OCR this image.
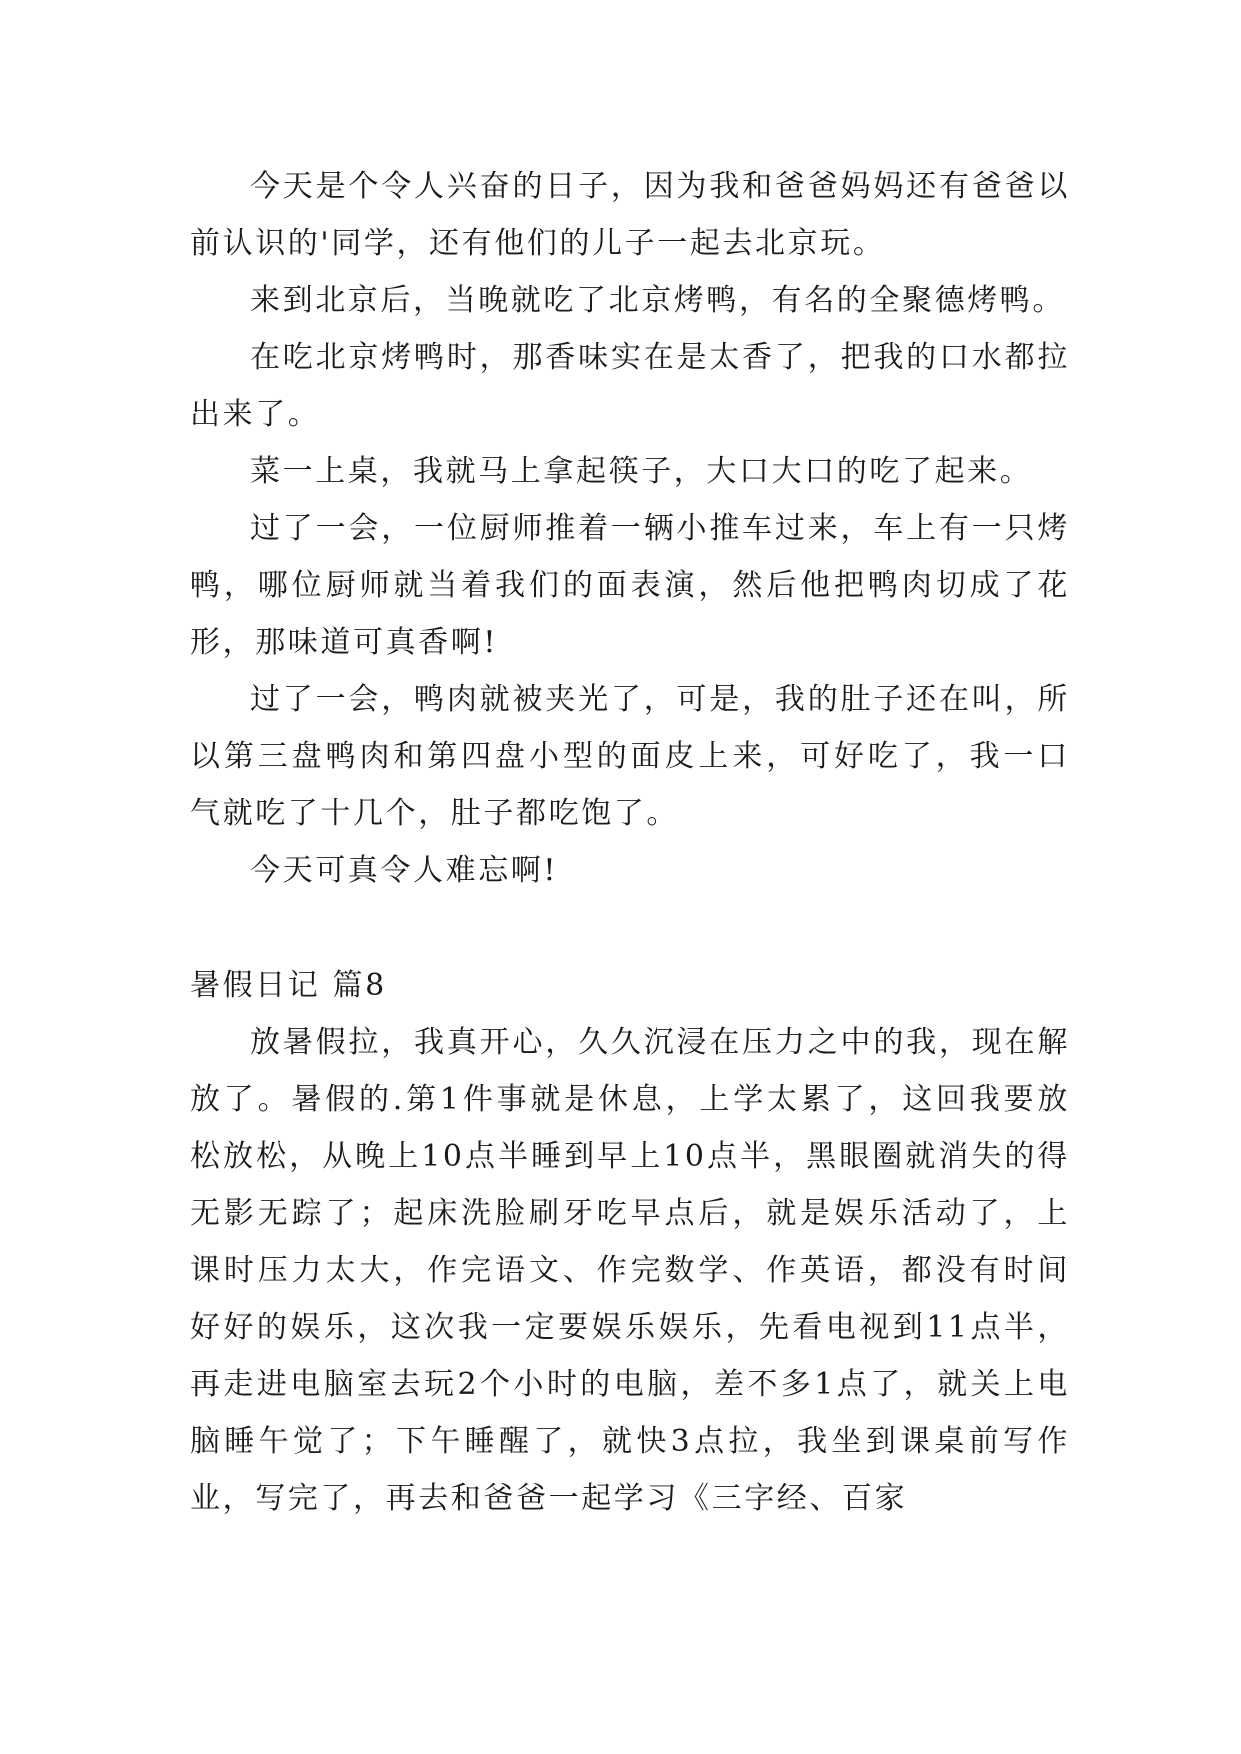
今天是个令人兴奋的日子，因为我和爸爸妈妈还有爸爸以前认识的'同学，还有他们的儿子一起去北京玩。

来到北京后，当晚就吃了北京烤鸭，有名的全聚德烤鸭。

在吃北京烤鸭时，那香味实在是太香了，把我的口水都拉出来了。

菜一上桌，我就马上拿起筷子，大口大口的吃了起来。

过了一会，一位厨师推着一辆小推车过来，车上有一只烤鸭，哪位厨师就当着我们的面表演，然后他把鸭肉切成了花形，那味道可真香啊!

过了一会，鸭肉就被夹光了，可是，我的肚子还在叫，所以第三盘鸭肉和第四盘小型的面皮上来，可好吃了，我一口气就吃了十几个，肚子都吃饱了。

今天可真令人难忘啊!

暑假日记 篇8

放暑假拉，我真开心，久久沉浸在压力之中的我，现在解放了。暑假的.第1件事就是休息，上学太累了，这回我要放松放松，从晚上10点半睡到早上10点半，黑眼圈就消失的得无影无踪了；起床洗脸刷牙吃早点后，就是娱乐活动了，上课时压力太大，作完语文、作完数学、作英语，都没有时间好好的娱乐，这次我一定要娱乐娱乐，先看电视到11点半，再走进电脑室去玩2个小时的电脑，差不多1点了，就关上电脑睡午觉了；下午睡醒了，就快3点拉，我坐到课桌前写作业，写完了，再去和爸爸一起学习《三字经、百家
